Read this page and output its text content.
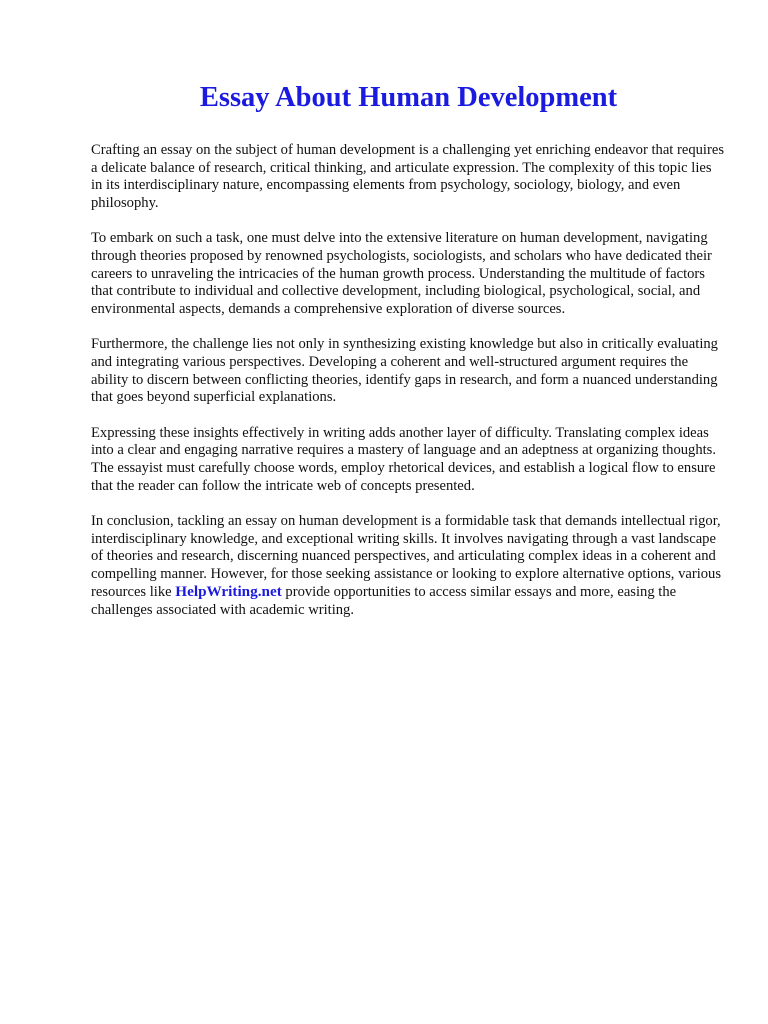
Essay About Human Development

Crafting an essay on the subject of human development is a challenging yet enriching endeavor that requires a delicate balance of research, critical thinking, and articulate expression. The complexity of this topic lies in its interdisciplinary nature, encompassing elements from psychology, sociology, biology, and even philosophy.

To embark on such a task, one must delve into the extensive literature on human development, navigating through theories proposed by renowned psychologists, sociologists, and scholars who have dedicated their careers to unraveling the intricacies of the human growth process. Understanding the multitude of factors that contribute to individual and collective development, including biological, psychological, social, and environmental aspects, demands a comprehensive exploration of diverse sources.

Furthermore, the challenge lies not only in synthesizing existing knowledge but also in critically evaluating and integrating various perspectives. Developing a coherent and well-structured argument requires the ability to discern between conflicting theories, identify gaps in research, and form a nuanced understanding that goes beyond superficial explanations.

Expressing these insights effectively in writing adds another layer of difficulty. Translating complex ideas into a clear and engaging narrative requires a mastery of language and an adeptness at organizing thoughts. The essayist must carefully choose words, employ rhetorical devices, and establish a logical flow to ensure that the reader can follow the intricate web of concepts presented.

In conclusion, tackling an essay on human development is a formidable task that demands intellectual rigor, interdisciplinary knowledge, and exceptional writing skills. It involves navigating through a vast landscape of theories and research, discerning nuanced perspectives, and articulating complex ideas in a coherent and compelling manner. However, for those seeking assistance or looking to explore alternative options, various resources like HelpWriting.net provide opportunities to access similar essays and more, easing the challenges associated with academic writing.
